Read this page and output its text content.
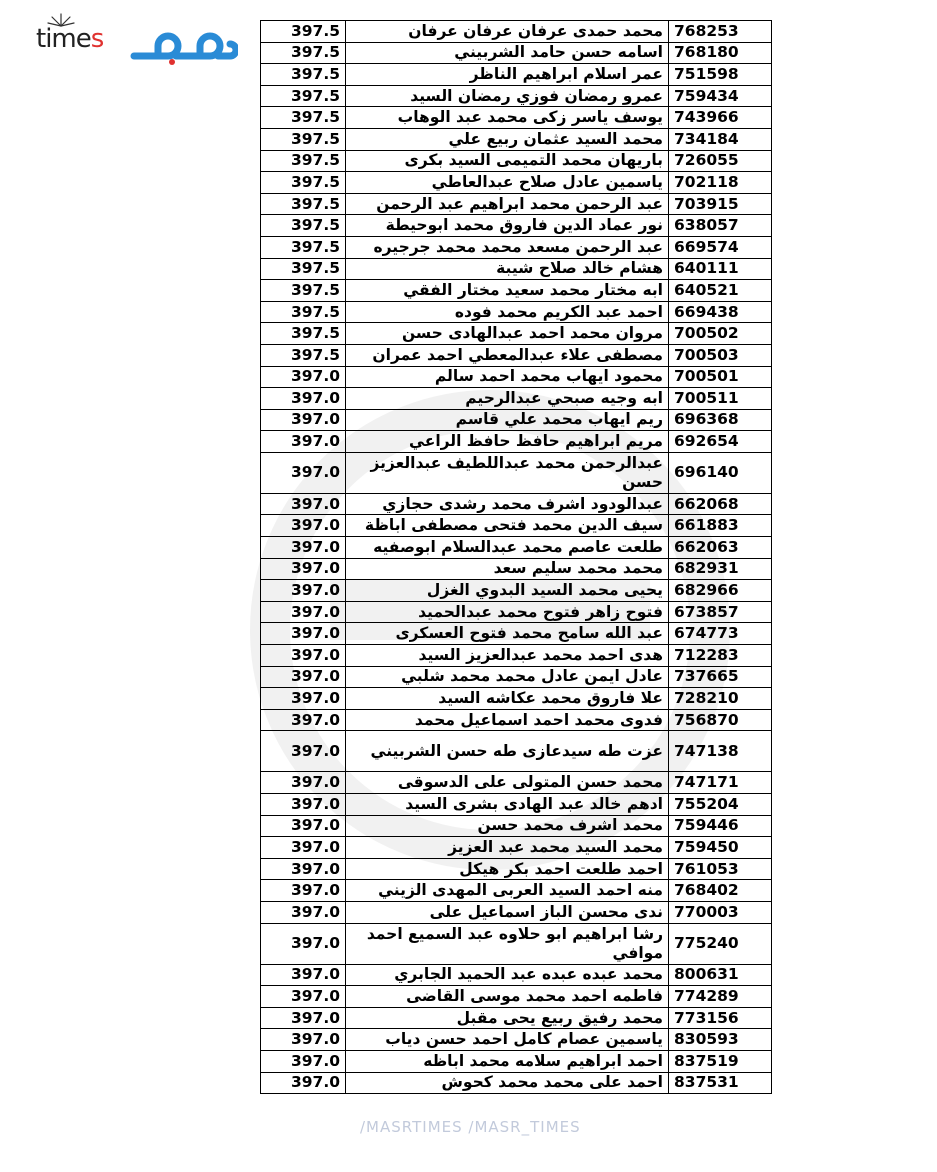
times	397.5	محمد حمدى عرفان عرفان عرفان	768253
397.5	اسامه حسن حامد الشربيني	768180
397.5	عمر اسلام ابراهيم الناظر	751598
397.5	عمرو رمضان فوزي رمضان السيد	759434
397.5	يوسف ياسر زكى محمد عبد الوهاب	743966
397.5	محمد السيد عثمان ربيع علي	734184
397.5	باريهان محمد التميمى السيد بكرى	726055
397.5	ياسمين عادل صلاح عبدالعاطي	702118
397.5	عبد الرحمن محمد ابراهيم عبد الرحمن	703915
397.5	نور عماد الدين فاروق محمد ابوحيطة	638057
397.5	عبد الرحمن مسعد محمد محمد جرجيره	669574
397.5	هشام خالد صلاح شيبة	640111
397.5	ابه مختار محمد سعيد مختار الفقي	640521
397.5	احمد عبد الكريم محمد فوده	669438
397.5	مروان محمد احمد عبدالهادى حسن	700502
397.5	مصطفى علاء عبدالمعطي احمد عمران	700503
397.0	محمود ايهاب محمد احمد سالم	700501
397.0	ابه وجيه صبحي عبدالرحيم	700511
397.0	ريم ايهاب محمد علي قاسم	696368
397.0	مريم ابراهيم حافظ حافظ الراعي	692654
397.0	عبدالرحمن محمد عبداللطيف عبدالعزيز حسن	696140
397.0	عبدالودود اشرف محمد رشدى حجازي	662068
397.0	سيف الدين محمد فتحى مصطفى اباظة	661883
397.0	طلعت عاصم محمد عبدالسلام ابوصفيه	662063
397.0	محمد محمد سليم سعد	682931
397.0	يحيى محمد السيد البدوي الغزل	682966
397.0	فتوح زاهر فتوح محمد عبدالحميد	673857
397.0	عبد الله سامح محمد فتوح العسكرى	674773
397.0	هدى احمد محمد عبدالعزيز السيد	712283
397.0	عادل ايمن عادل محمد محمد شلبي	737665
397.0	علا فاروق محمد عكاشه السيد	728210
397.0	فدوى محمد احمد اسماعيل محمد	756870
397.0	عزت طه سيدعازى طه حسن الشربيني	747138
397.0	محمد حسن المتولى على الدسوقى	747171
397.0	ادهم خالد عبد الهادى بشرى السيد	755204
397.0	محمد اشرف محمد حسن	759446
397.0	محمد السيد محمد عبد العزيز	759450
397.0	احمد طلعت احمد بكر هيكل	761053
397.0	منه احمد السيد العربى المهدى الزيني	768402
397.0	ندى محسن الباز اسماعيل على	770003
397.0	رشا ابراهيم ابو حلاوه عبد السميع احمد موافي	775240
397.0	محمد عبده عبده عبد الحميد الجابري	800631
397.0	فاطمه احمد محمد موسى القاضى	774289
397.0	محمد رفيق ربيع يحى مقبل	773156
397.0	ياسمين عصام كامل احمد حسن دياب	830593
397.0	احمد ابراهيم سلامه محمد اباظه	837519
397.0	احمد على محمد محمد كحوش	837531
/MASRTIMES /MASR_TIMES
